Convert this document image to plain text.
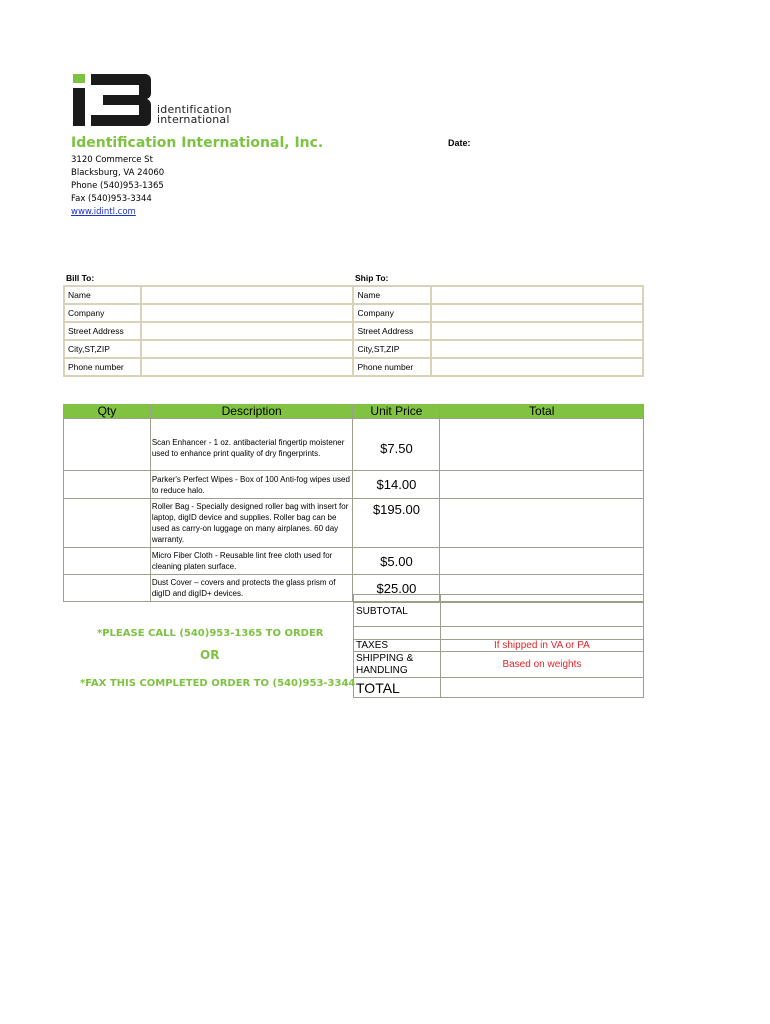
identification
international
Identification International, Inc.	Date:
3120 Commerce St
Blacksburg, VA 24060
Phone (540)953-1365
Fax (540)953-3344
www.idintl.com
Bill To:	Ship To:
Name		Name	
Company		Company	
Street Address		Street Address	
City,ST,ZIP		City,ST,ZIP	
Phone number		Phone number	
Qty	Description	Unit Price	Total

	Scan Enhancer - 1 oz. antibacterial fingertip moistener used to enhance print quality of dry fingerprints.	$7.50	

	Parker's Perfect Wipes - Box of 100 Anti-fog wipes used to reduce halo.	$14.00	

	Roller Bag - Specially designed roller bag with insert for laptop, digID device and supplies. Roller bag can be used as carry-on luggage on many airplanes. 60 day warranty.	$195.00	

	Micro Fiber Cloth - Reusable lint free cloth used for cleaning platen surface.	$5.00	

	Dust Cover – covers and protects the glass prism of digID and digID+ devices.	$25.00	

SUBTOTAL	

TAXES	If shipped in VA or PA
SHIPPING & HANDLING	Based on weights
TOTAL	
*PLEASE CALL (540)953-1365 TO ORDER
OR
*FAX THIS COMPLETED ORDER TO (540)953-3344
